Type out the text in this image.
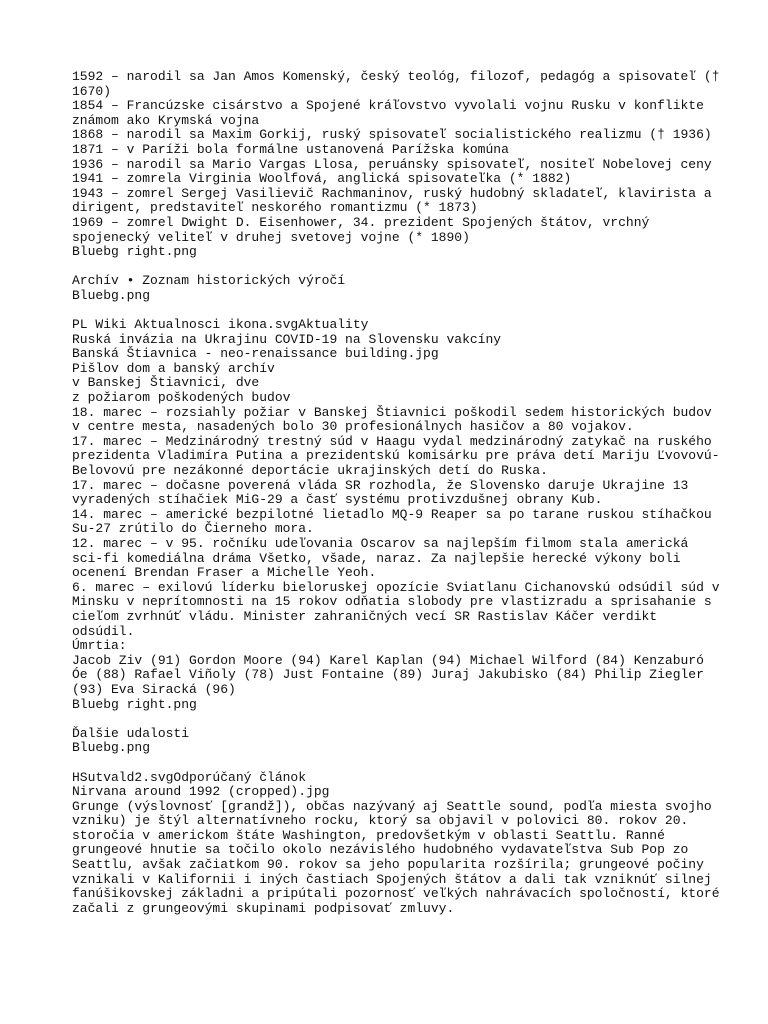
1592 – narodil sa Jan Amos Komenský, český teológ, filozof, pedagóg a spisovateľ (†
1670)
1854 – Francúzske cisárstvo a Spojené kráľovstvo vyvolali vojnu Rusku v konflikte
známom ako Krymská vojna
1868 – narodil sa Maxim Gorkij, ruský spisovateľ socialistického realizmu († 1936)
1871 – v Paríži bola formálne ustanovená Parížska komúna
1936 – narodil sa Mario Vargas Llosa, peruánsky spisovateľ, nositeľ Nobelovej ceny
1941 – zomrela Virginia Woolfová, anglická spisovateľka (* 1882)
1943 – zomrel Sergej Vasilievič Rachmaninov, ruský hudobný skladateľ, klavirista a
dirigent, predstaviteľ neskorého romantizmu (* 1873)
1969 – zomrel Dwight D. Eisenhower, 34. prezident Spojených štátov, vrchný
spojenecký veliteľ v druhej svetovej vojne (* 1890)
Bluebg right.png
Archív • Zoznam historických výročí
Bluebg.png
PL Wiki Aktualnosci ikona.svgAktuality
Ruská invázia na Ukrajinu COVID-19 na Slovensku vakcíny
Banská Štiavnica - neo-renaissance building.jpg
Pišlov dom a banský archív
v Banskej Štiavnici, dve
z požiarom poškodených budov
18. marec – rozsiahly požiar v Banskej Štiavnici poškodil sedem historických budov
v centre mesta, nasadených bolo 30 profesionálnych hasičov a 80 vojakov.
17. marec – Medzinárodný trestný súd v Haagu vydal medzinárodný zatykač na ruského
prezidenta Vladimíra Putina a prezidentskú komisárku pre práva detí Mariju Ľvovovú-
Belovovú pre nezákonné deportácie ukrajinských detí do Ruska.
17. marec – dočasne poverená vláda SR rozhodla, že Slovensko daruje Ukrajine 13
vyradených stíhačiek MiG-29 a časť systému protivzdušnej obrany Kub.
14. marec – americké bezpilotné lietadlo MQ-9 Reaper sa po tarane ruskou stíhačkou
Su-27 zrútilo do Čierneho mora.
12. marec – v 95. ročníku udeľovania Oscarov sa najlepším filmom stala americká
sci-fi komediálna dráma Všetko, všade, naraz. Za najlepšie herecké výkony boli
ocenení Brendan Fraser a Michelle Yeoh.
6. marec – exilovú líderku bieloruskej opozície Sviatlanu Cichanovskú odsúdil súd v
Minsku v neprítomnosti na 15 rokov odňatia slobody pre vlastizradu a sprisahanie s
cieľom zvrhnúť vládu. Minister zahraničných vecí SR Rastislav Káčer verdikt
odsúdil.
Úmrtia:
Jacob Ziv (91) Gordon Moore (94) Karel Kaplan (94) Michael Wilford (84) Kenzaburó
Óe (88) Rafael Viñoly (78) Just Fontaine (89) Juraj Jakubisko (84) Philip Ziegler
(93) Eva Siracká (96)
Bluebg right.png
Ďalšie udalosti
Bluebg.png
HSutvald2.svgOdporúčaný článok
Nirvana around 1992 (cropped).jpg
Grunge (výslovnosť [grandž]), občas nazývaný aj Seattle sound, podľa miesta svojho
vzniku) je štýl alternatívneho rocku, ktorý sa objavil v polovici 80. rokov 20.
storočia v americkom štáte Washington, predovšetkým v oblasti Seattlu. Ranné
grungeové hnutie sa točilo okolo nezávislého hudobného vydavateľstva Sub Pop zo
Seattlu, avšak začiatkom 90. rokov sa jeho popularita rozšírila; grungeové počiny
vznikali v Kalifornii i iných častiach Spojených štátov a dali tak vzniknúť silnej
fanúšikovskej základni a pripútali pozornosť veľkých nahrávacích spoločností, ktoré
začali z grungeovými skupinami podpisovať zmluvy.
